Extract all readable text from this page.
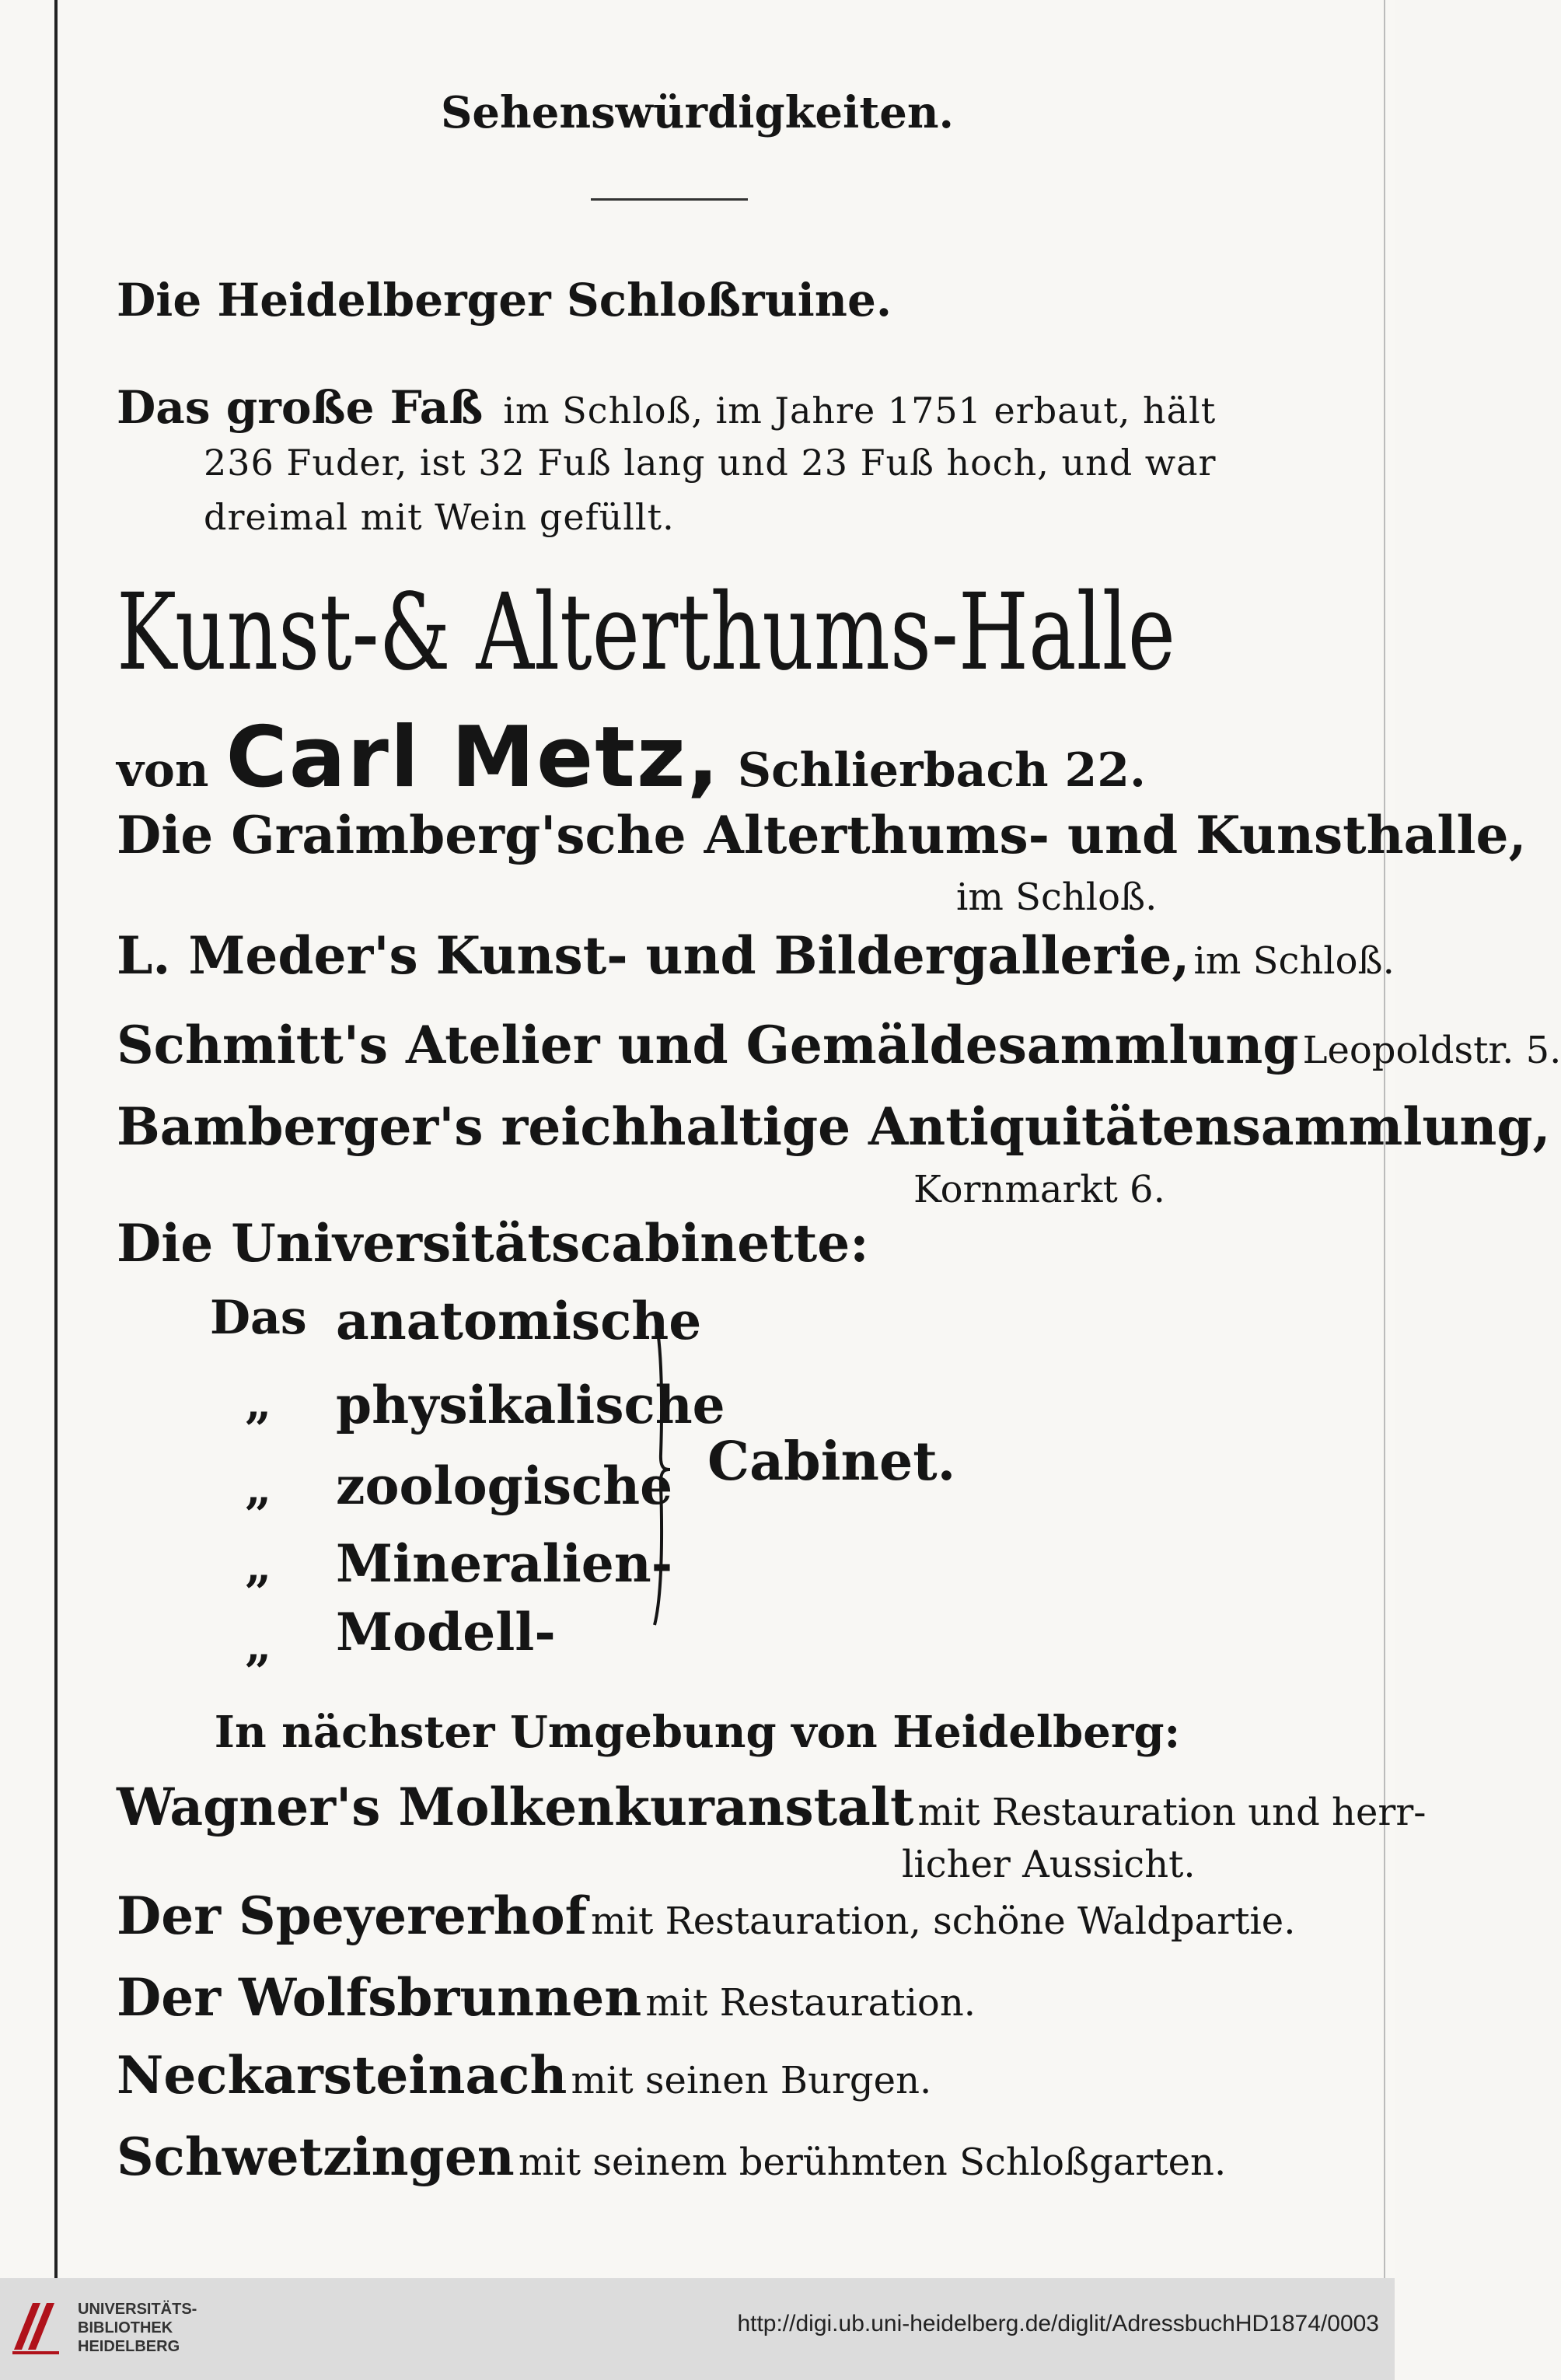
Sehenswürdigkeiten.
Die Heidelberger Schloßruine.
Das große Faß im Schloß, im Jahre 1751 erbaut, hält
236 Fuder, ist 32 Fuß lang und 23 Fuß hoch, und war
dreimal mit Wein gefüllt.
Kunst-& Alterthums-Halle
von Carl Metz, Schlierbach 22.
Die Graimberg'sche Alterthums- und Kunsthalle,
im Schloß.
L. Meder's Kunst- und Bildergallerie, im Schloß.
Schmitt's Atelier und Gemäldesammlung Leopoldstr. 5.
Bamberger's reichhaltige Antiquitätensammlung,
Kornmarkt 6.
Die Universitätscabinette:
Das anatomische
„ physikalische
„ zoologische
„ Mineralien-
„ Modell-
Cabinet.
In nächster Umgebung von Heidelberg:
Wagner's Molkenkuranstalt mit Restauration und herr-
licher Aussicht.
Der Speyererhof mit Restauration, schöne Waldpartie.
Der Wolfsbrunnen mit Restauration.
Neckarsteinach mit seinen Burgen.
Schwetzingen mit seinem berühmten Schloßgarten.
UNIVERSITÄTS-
BIBLIOTHEK
HEIDELBERG
http://digi.ub.uni-heidelberg.de/diglit/AdressbuchHD1874/0003
